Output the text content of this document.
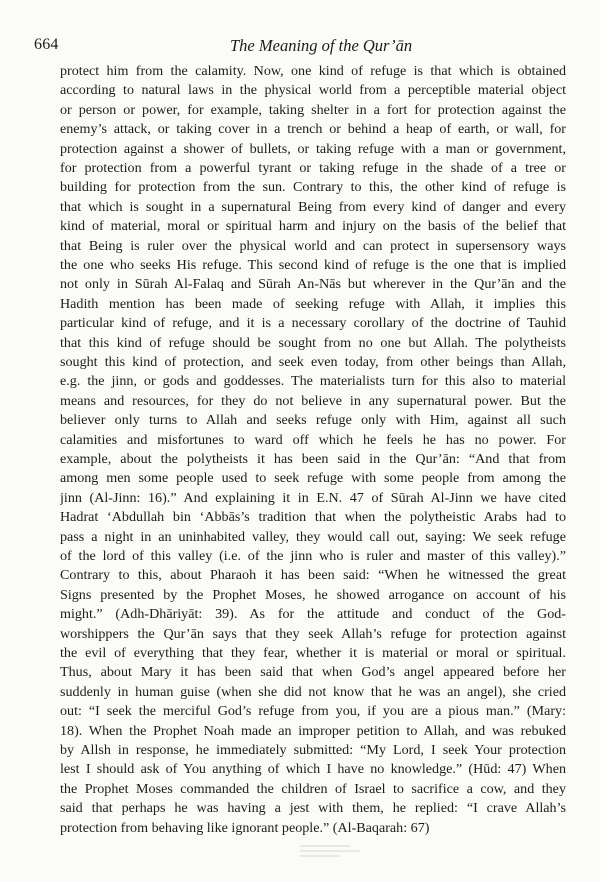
664	The Meaning of the Qur’ān
protect him from the calamity. Now, one kind of refuge is that which is obtained
according to natural laws in the physical world from a perceptible material object
or person or power, for example, taking shelter in a fort for protection against the
enemy’s attack, or taking cover in a trench or behind a heap of earth, or wall, for
protection against a shower of bullets, or taking refuge with a man or government,
for protection from a powerful tyrant or taking refuge in the shade of a tree or
building for protection from the sun. Contrary to this, the other kind of refuge is
that which is sought in a supernatural Being from every kind of danger and every
kind of material, moral or spiritual harm and injury on the basis of the belief that
that Being is ruler over the physical world and can protect in supersensory ways
the one who seeks His refuge. This second kind of refuge is the one that is implied
not only in Sūrah Al-Falaq and Sūrah An-Nās but wherever in the Qur’ān and the
Hadith mention has been made of seeking refuge with Allah, it implies this
particular kind of refuge, and it is a necessary corollary of the doctrine of Tauhid
that this kind of refuge should be sought from no one but Allah. The polytheists
sought this kind of protection, and seek even today, from other beings than Allah,
e.g. the jinn, or gods and goddesses. The materialists turn for this also to material
means and resources, for they do not believe in any supernatural power. But the
believer only turns to Allah and seeks refuge only with Him, against all such
calamities and misfortunes to ward off which he feels he has no power. For
example, about the polytheists it has been said in the Qur’ān: “And that from
among men some people used to seek refuge with some people from among the
jinn (Al-Jinn: 16).” And explaining it in E.N. 47 of Sūrah Al-Jinn we have cited
Hadrat ‘Abdullah bin ‘Abbās’s tradition that when the polytheistic Arabs had to
pass a night in an uninhabited valley, they would call out, saying: We seek refuge
of the lord of this valley (i.e. of the jinn who is ruler and master of this valley).”
Contrary to this, about Pharaoh it has been said: “When he witnessed the great
Signs presented by the Prophet Moses, he showed arrogance on account of his
might.” (Adh-Dhāriyāt: 39). As for the attitude and conduct of the God-
worshippers the Qur’ān says that they seek Allah’s refuge for protection against
the evil of everything that they fear, whether it is material or moral or spiritual.
Thus, about Mary it has been said that when God’s angel appeared before her
suddenly in human guise (when she did not know that he was an angel), she cried
out: “I seek the merciful God’s refuge from you, if you are a pious man.” (Mary:
18). When the Prophet Noah made an improper petition to Allah, and was rebuked
by Allsh in response, he immediately submitted: “My Lord, I seek Your protection
lest I should ask of You anything of which I have no knowledge.” (Hūd: 47) When
the Prophet Moses commanded the children of Israel to sacrifice a cow, and they
said that perhaps he was having a jest with them, he replied: “I crave Allah’s
protection from behaving like ignorant people.” (Al-Baqarah: 67)
